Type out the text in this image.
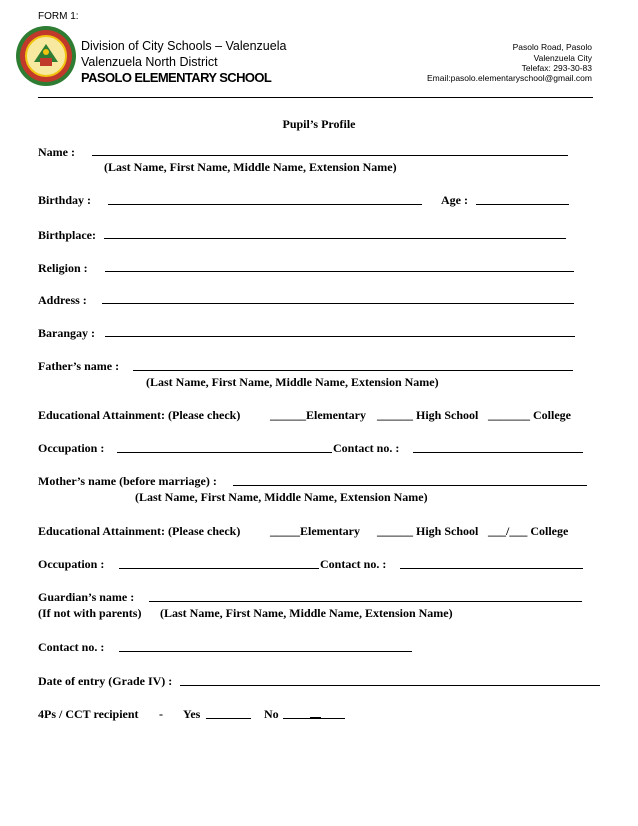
FORM 1:
Division of City Schools – Valenzuela
Valenzuela North District
PASOLO ELEMENTARY SCHOOL
Pasolo Road, Pasolo
Valenzuela City
Telefax: 293-30-83
Email:pasolo.elementaryschool@gmail.com
Pupil’s Profile
Name :
(Last Name, First Name, Middle Name, Extension Name)
Birthday :	Age :
Birthplace:
Religion :
Address :
Barangay :
Father’s name :
(Last Name, First Name, Middle Name, Extension Name)
Educational Attainment: (Please check) ______Elementary ______ High School _______ College
Occupation :	Contact no. :
Mother’s name (before marriage) :
(Last Name, First Name, Middle Name, Extension Name)
Educational Attainment: (Please check) _____Elementary ______ High School ___/___ College
Occupation :	Contact no. :
Guardian’s name :
(If not with parents) (Last Name, First Name, Middle Name, Extension Name)
Contact no. :
Date of entry (Grade IV) :
4Ps / CCT recipient - Yes	No
